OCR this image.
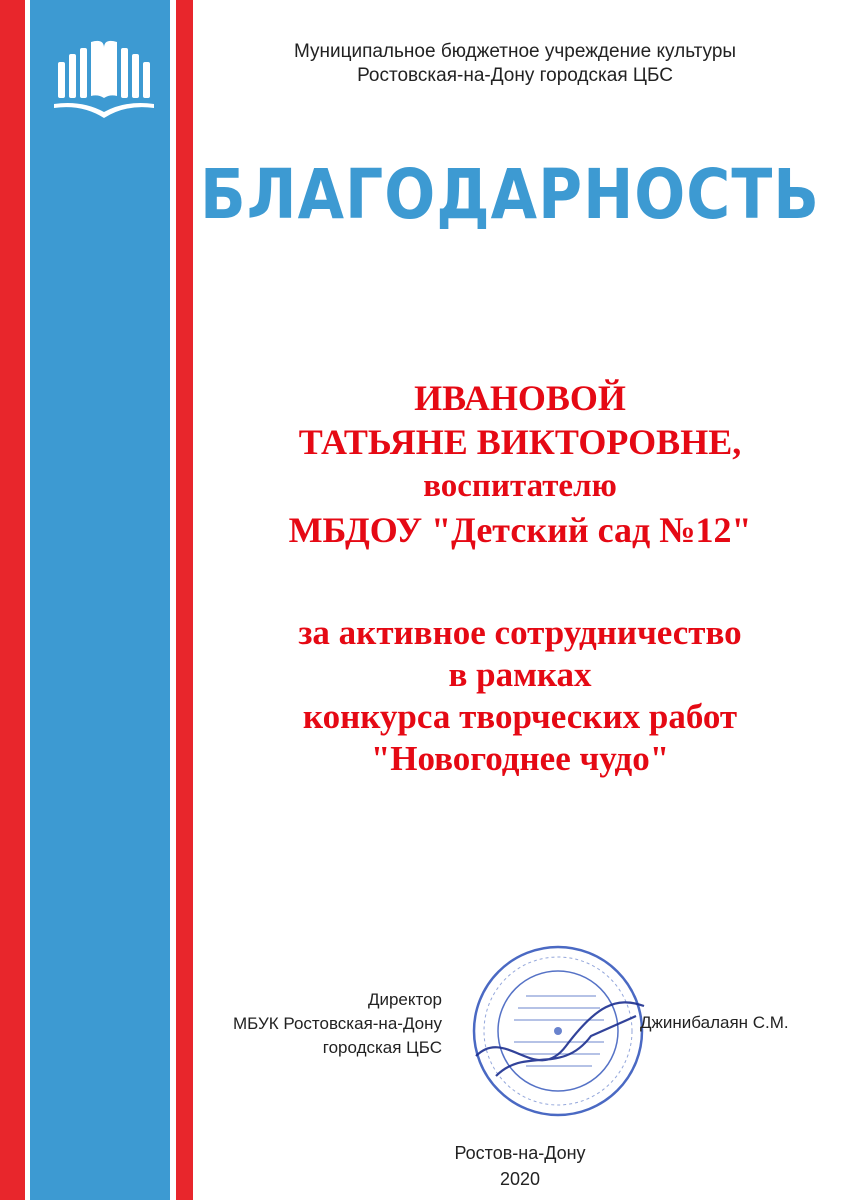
Муниципальное бюджетное учреждение культуры
Ростовская-на-Дону городская ЦБС
БЛАГОДАРНОСТЬ
ИВАНОВОЙ
ТАТЬЯНЕ ВИКТОРОВНЕ,
воспитателю
МБДОУ "Детский сад №12"
за активное сотрудничество
в рамках
конкурса творческих работ
"Новогоднее чудо"
Директор
МБУК Ростовская-на-Дону
городская ЦБС
Джинибалаян С.М.
Ростов-на-Дону
2020
